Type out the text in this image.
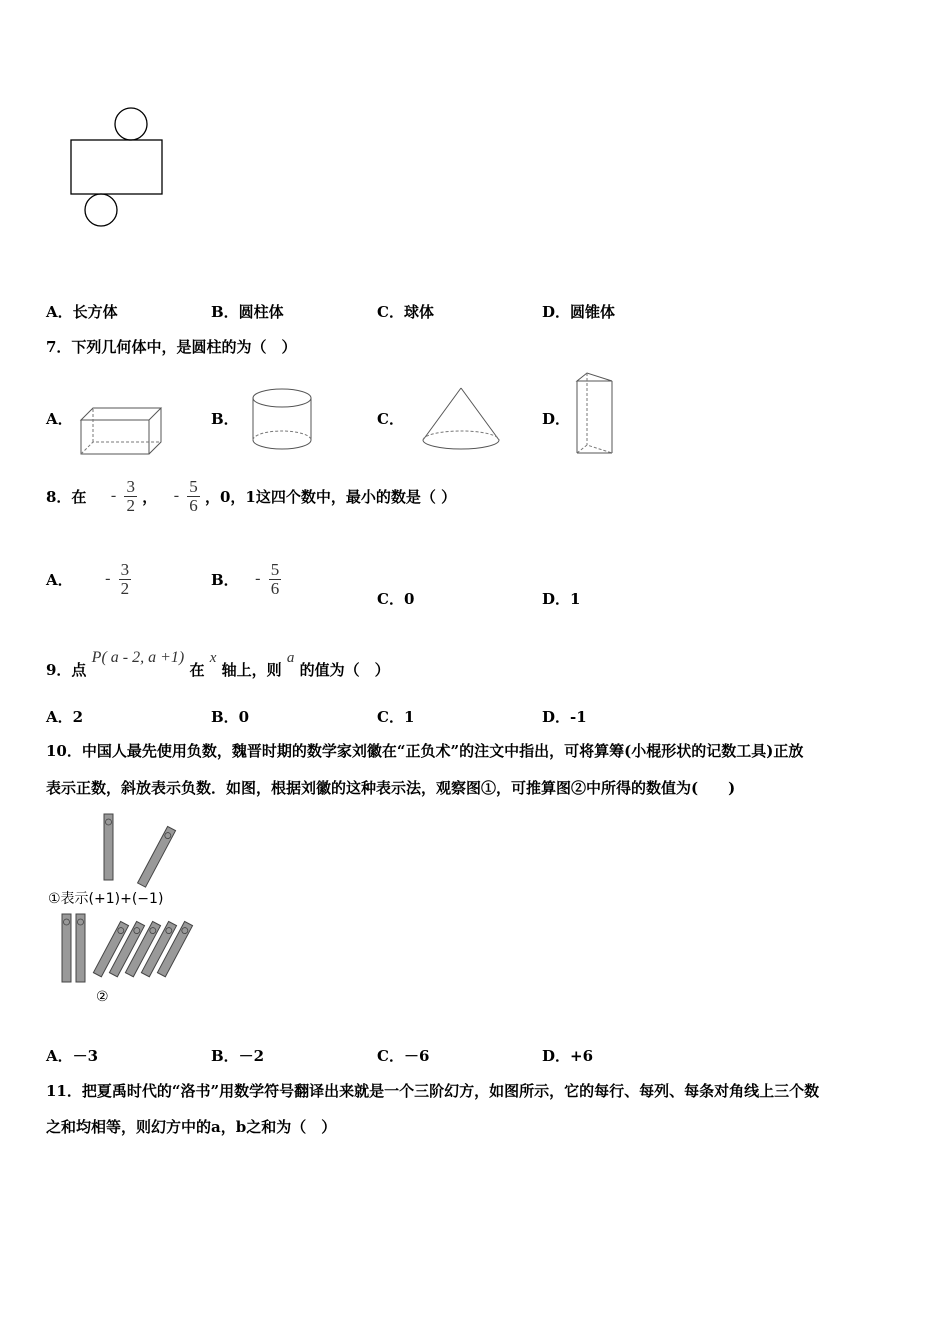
A．长方体	B．圆柱体	C．球体	D．圆锥体
7．下列几何体中，是圆柱的为（　）
A．	B．	C．	D．
8．在 - $\frac{3}{2}$ ， - $\frac{5}{6}$ ，0，1这四个数中，最小的数是（ ）
A． - $\frac{3}{2}$	B． - $\frac{5}{6}$
C．0	D．1
9．点 P( a - 2, a +1) 在 x 轴上，则 a 的值为（　）
A．2	B．0	C．1	D．-1
10．中国人最先使用负数，魏晋时期的数学家刘徽在“正负术”的注文中指出，可将算筹(小棍形状的记数工具)正放
表示正数，斜放表示负数．如图，根据刘徽的这种表示法，观察图①，可推算图②中所得的数值为(　　)
①表示(+1)+(−1)
②
A．－3	B．－2	C．－6	D．+6
11．把夏禹时代的“洛书”用数学符号翻译出来就是一个三阶幻方，如图所示，它的每行、每列、每条对角线上三个数
之和均相等，则幻方中的a，b之和为（　）
